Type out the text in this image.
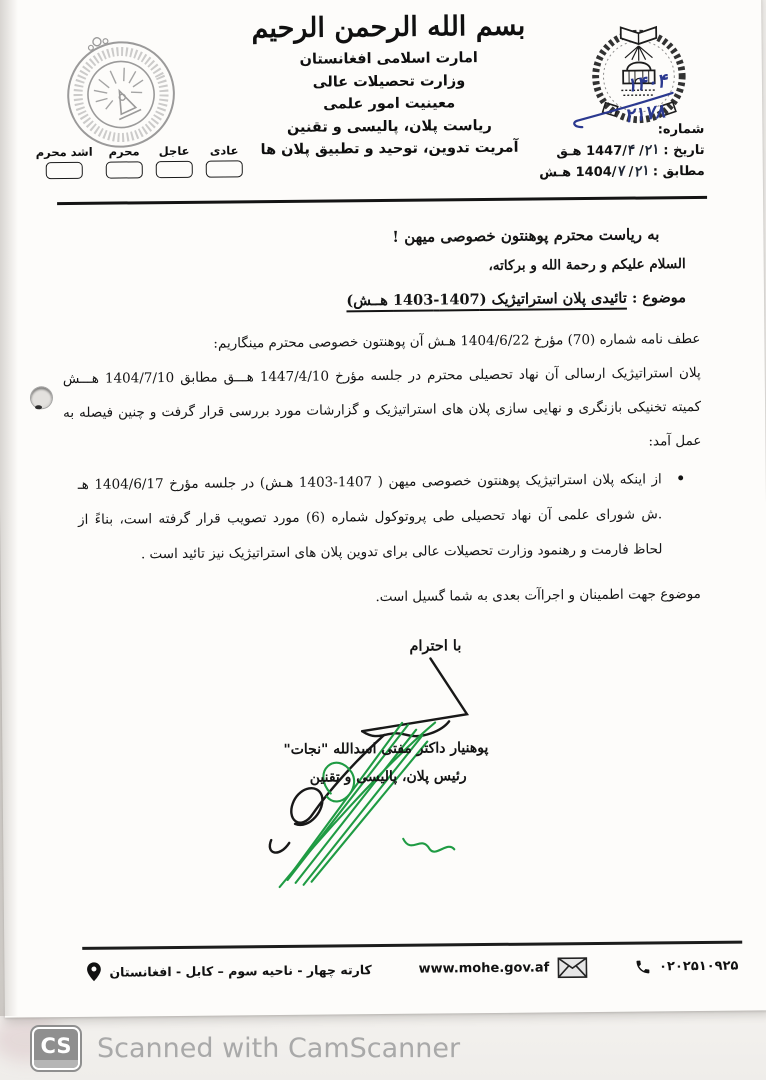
بسم الله الرحمن الرحیم
امارت اسلامی افغانستان
وزارت تحصیلات عالی
معینیت امور علمی
ریاست پلان، پالیسی و تقنین
آمریت تدوین، توحید و تطبیق پلان ها
۱۴۰۴
۲۱۷۸
شماره:
تاریخ : ۲۱/ ۴/1447 هـق
مطابق : ۲۱/ ۷/1404 هـش
عادی
عاجل
محرم
اشد محرم

به ریاست محترم پوهنتون خصوصی میهن !

السلام علیکم و رحمة الله و برکاته،

موضوع : تائیدی پلان استراتیژیک (1407-1403 هــش)

عطف نامه شماره (70) مؤرخ 1404/6/22 هـش آن پوهنتون خصوصی محترم مینگاریم:

پلان استراتیژیک ارسالی آن نهاد تحصیلی محترم در جلسه مؤرخ 1447/4/10 هـــق مطابق 1404/7/10 هـــش کمیته تخنیکی بازنگری و نهایی سازی پلان های استراتیژیک و گزارشات مورد بررسی قرار گرفت و چنین فیصله به عمل آمد:

• از اینکه پلان استراتیژیک پوهنتون خصوصی میهن ( 1407-1403 هـش) در جلسه مؤرخ 1404/6/17 هـ .ش شورای علمی آن نهاد تحصیلی طی پروتوکول شماره (6) مورد تصویب قرار گرفته است، بناءً از لحاظ فارمت و رهنمود وزارت تحصیلات عالی برای تدوین پلان های استراتیژیک نیز تائید است .

موضوع جهت اطمینان و اجراآت بعدی به شما گسیل است.

با احترام

پوهنیار داکتر مفتی اسدالله "نجات"
رئیس پلان، پالیسی و تقنین
کارته چهار - ناحیه سوم – کابل - افغانستان	www.mohe.gov.af	۰۲۰۲۵۱۰۹۲۵
CS Scanned with CamScanner
